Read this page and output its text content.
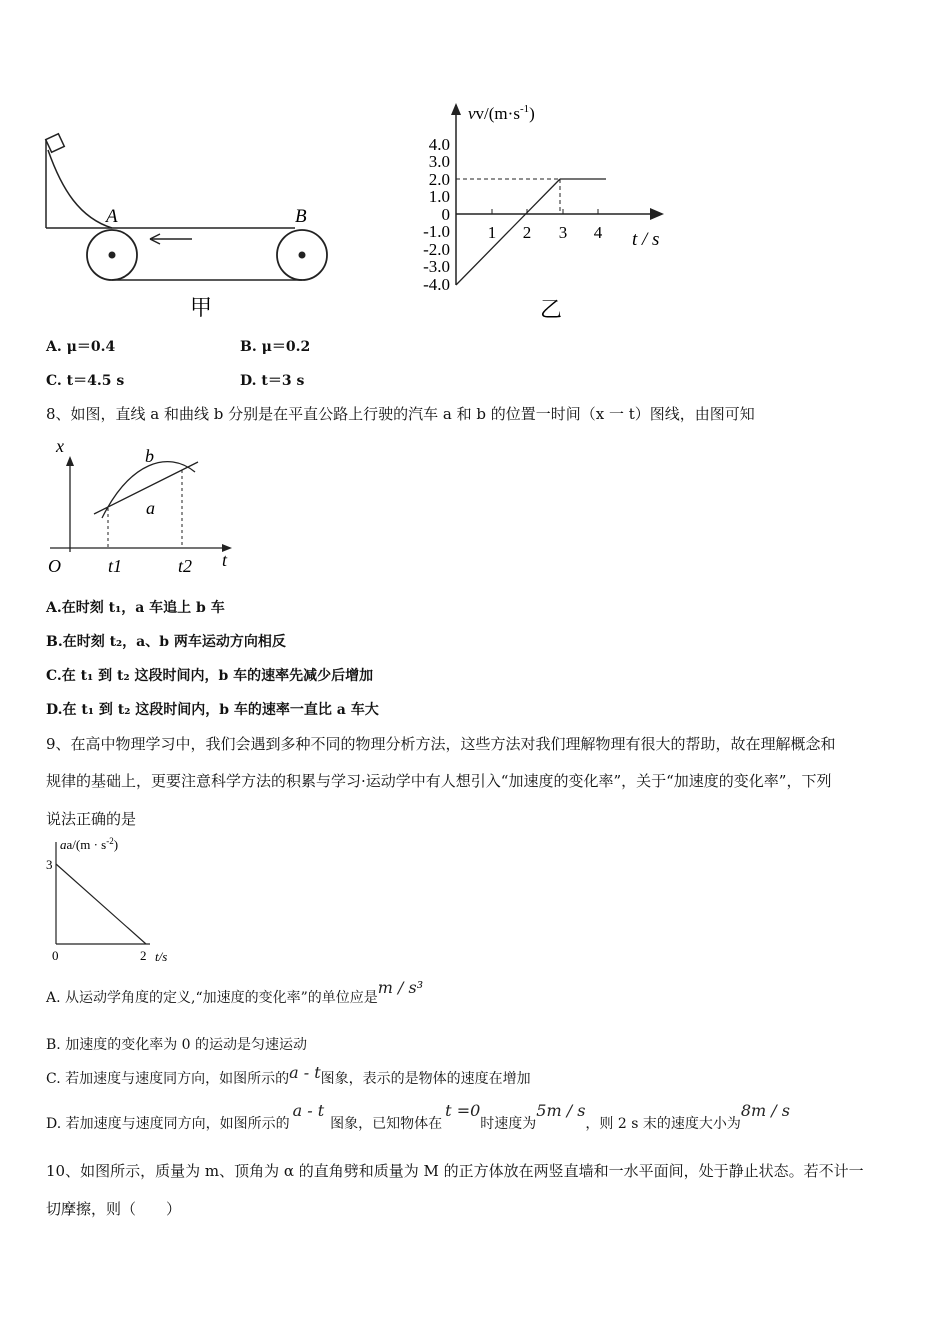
A	B
甲
$vv/(m\cdot s^{-1})$
4.0
3.0
2.0
1.0
0
-1.0
-2.0
-3.0
-4.0
1 2 3 4 t / s
乙
A. μ＝0.4	B. μ＝0.2
C. t＝4.5 s	D. t＝3 s
8、如图，直线 a 和曲线 b 分别是在平直公路上行驶的汽车 a 和 b 的位置一时间（x 一 t）图线，由图可知
x
O	t
t1	t2
b
a
A.在时刻 t₁，a 车追上 b 车
B.在时刻 t₂，a、b 两车运动方向相反
C.在 t₁ 到 t₂ 这段时间内，b 车的速率先减少后增加
D.在 t₁ 到 t₂ 这段时间内，b 车的速率一直比 a 车大
9、在高中物理学习中，我们会遇到多种不同的物理分析方法，这些方法对我们理解物理有很大的帮助，故在理解概念和
规律的基础上，更要注意科学方法的积累与学习·运动学中有人想引入“加速度的变化率”，关于“加速度的变化率”，下列
说法正确的是
$aa/(m \cdot s^{-2})$
3
0	2 t/s
A. 从运动学角度的定义,“加速度的变化率”的单位应是m / s³
B. 加速度的变化率为 0 的运动是匀速运动
C. 若加速度与速度同方向，如图所示的a - t图象，表示的是物体的速度在增加
D. 若加速度与速度同方向，如图所示的a - t图象，已知物体在t =0时速度为5m / s，则 2 s 末的速度大小为8m / s
10、如图所示，质量为 m、顶角为 α 的直角劈和质量为 M 的正方体放在两竖直墙和一水平面间，处于静止状态。若不计一
切摩擦，则（　　）
